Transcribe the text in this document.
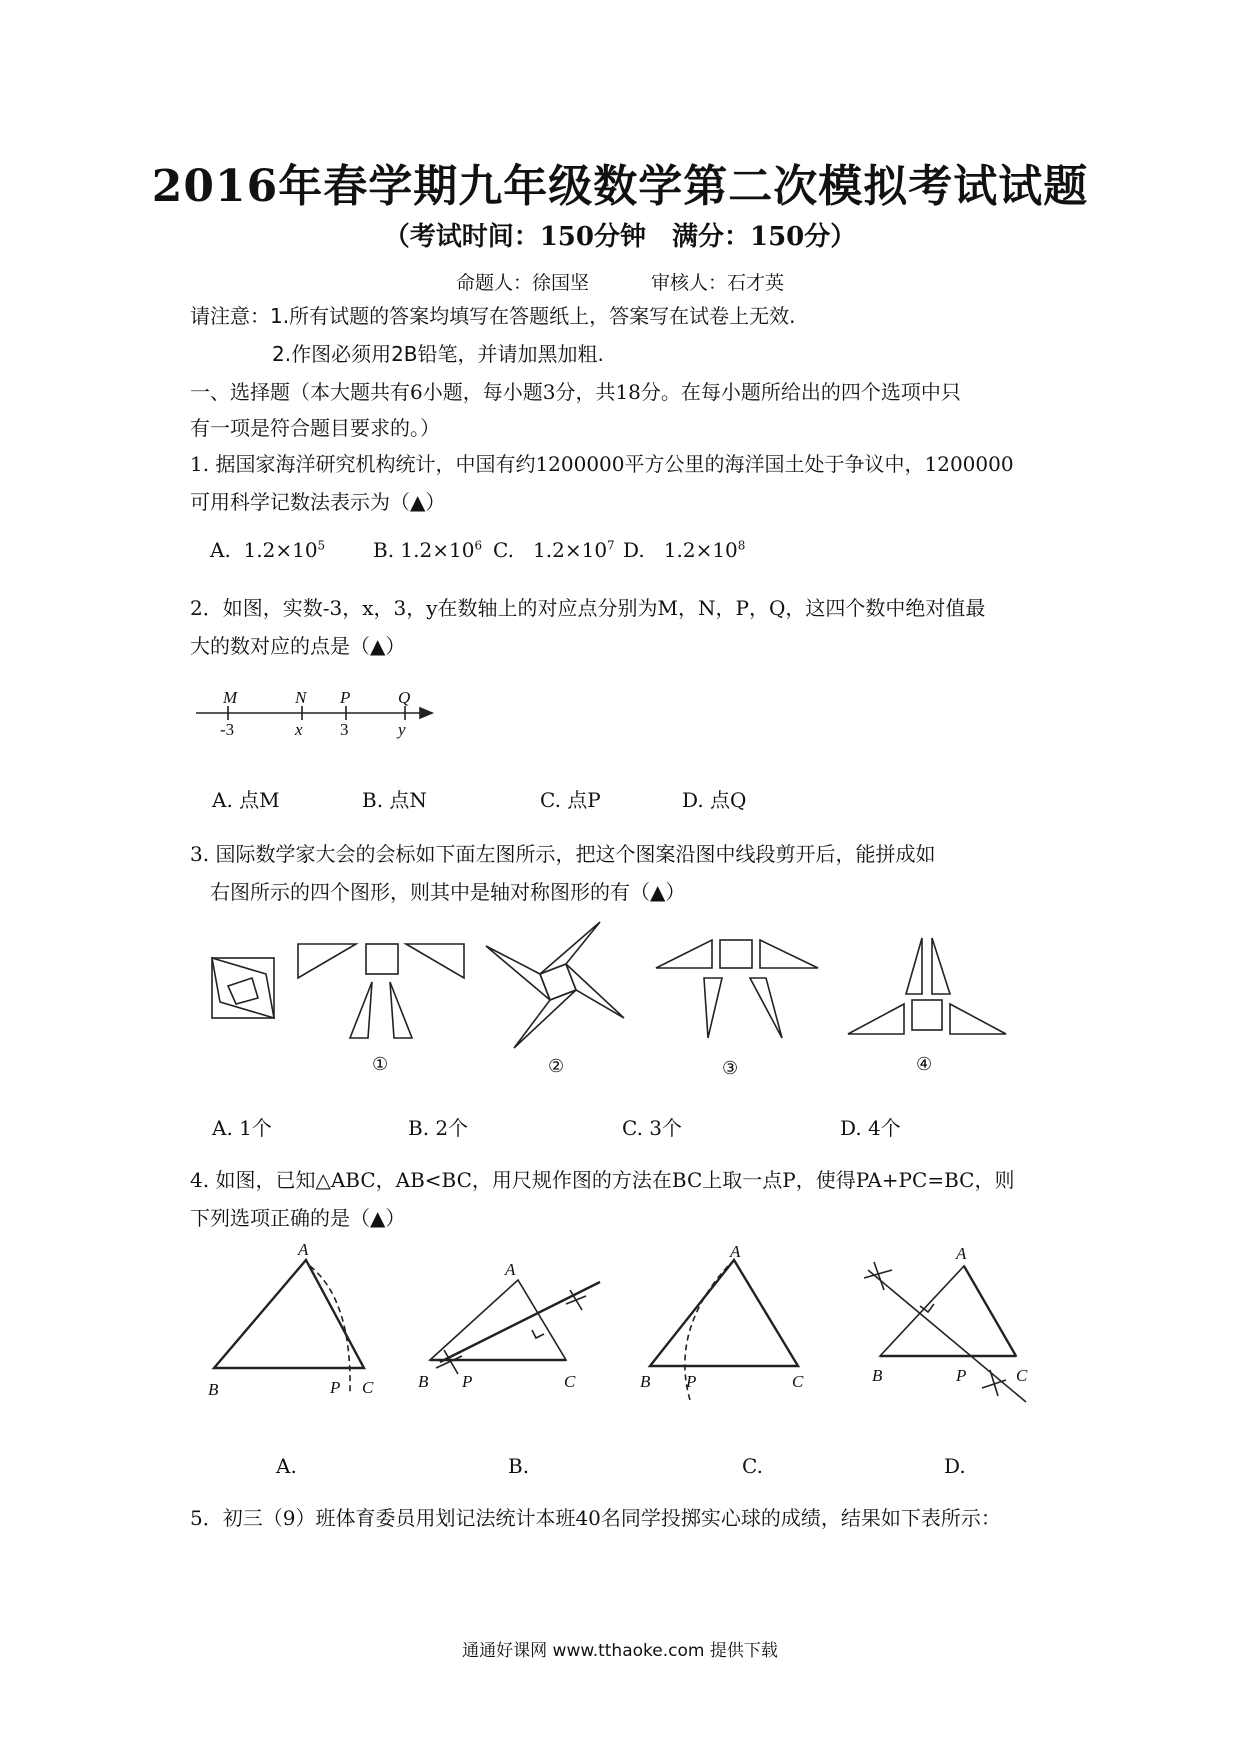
2016年春学期九年级数学第二次模拟考试试题
（考试时间：150分钟　满分：150分）
命题人：徐国坚	审核人：石才英
请注意：1.所有试题的答案均填写在答题纸上，答案写在试卷上无效.
2.作图必须用2B铅笔，并请加黑加粗.
一、选择题（本大题共有6小题，每小题3分，共18分。在每小题所给出的四个选项中只
有一项是符合题目要求的。）
1. 据国家海洋研究机构统计，中国有约1200000平方公里的海洋国土处于争议中，1200000
可用科学记数法表示为（▲）
A. $1.2\times 10^5$ B. $1.2\times 10^6$ C. $1.2\times 10^7$ D. $1.2\times 10^8$
2．如图，实数-3，x，3，y在数轴上的对应点分别为M，N，P，Q，这四个数中绝对值最
大的数对应的点是（▲）
M	N P	Q
-3	x 3	y
A. 点M	B. 点N	C. 点P	D. 点Q
3. 国际数学家大会的会标如下面左图所示，把这个图案沿图中线段剪开后，能拼成如
右图所示的四个图形，则其中是轴对称图形的有（▲）
①	②	③	④
A. 1个	B. 2个	C. 3个	D. 4个
4. 如图，已知△ABC，AB<BC，用尺规作图的方法在BC上取一点P，使得PA+PC=BC，则
下列选项正确的是（▲）
A
B	C
P
A
B	C
P
A
B	C
P
A
B	C
P
A.	B.	C.	D.
5．初三（9）班体育委员用划记法统计本班40名同学投掷实心球的成绩，结果如下表所示：
通通好课网 www.tthaoke.com 提供下载
